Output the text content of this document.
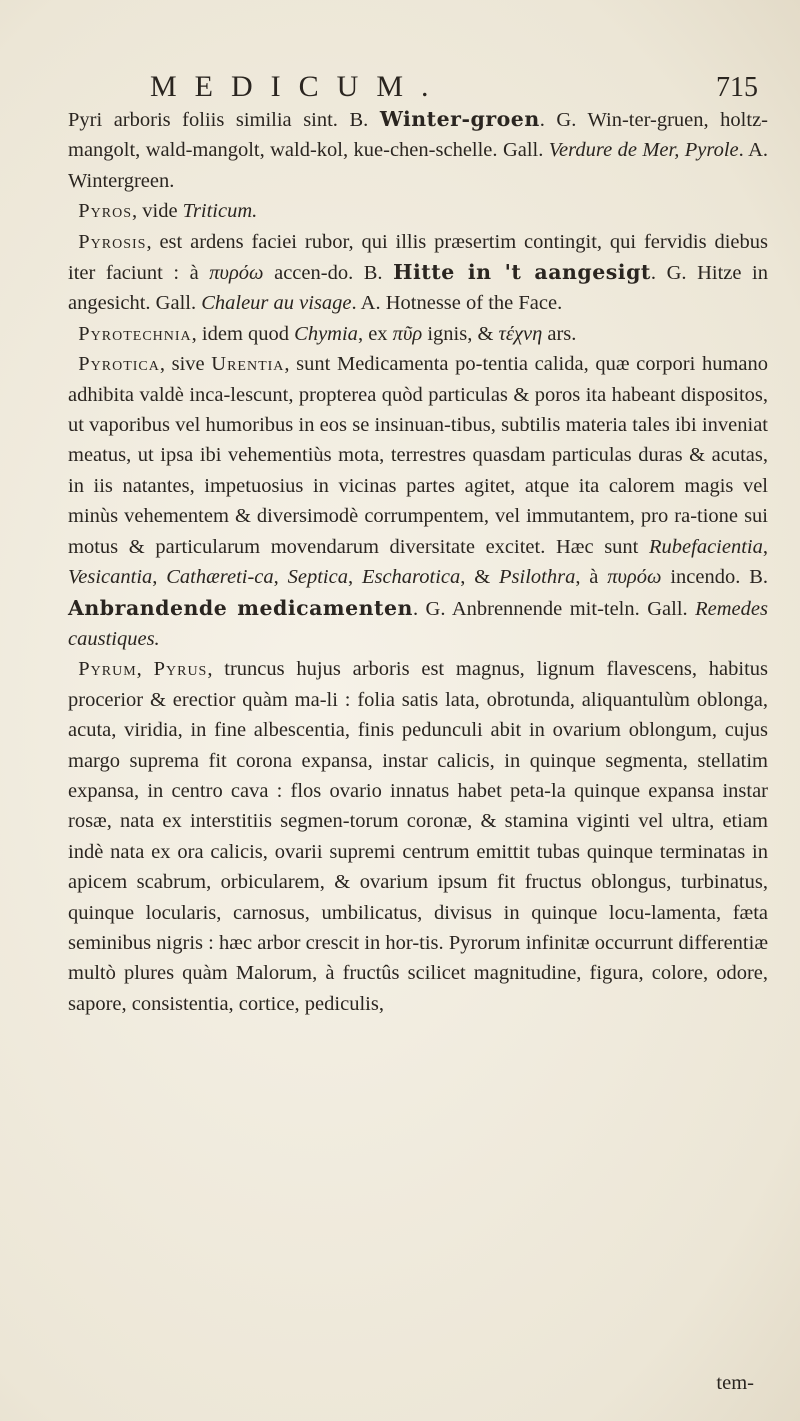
MEDICUM.	715

Pyri arboris foliis similia sint. B. Winter-groen. G. Win-ter-gruen, holtz-mangolt, wald-mangolt, wald-kol, kue-chen-schelle. Gall. Verdure de Mer, Pyrole. A. Wintergreen.

 Pyros, vide Triticum.

 Pyrosis, est ardens faciei rubor, qui illis præsertim contingit, qui fervidis diebus iter faciunt : à πυρόω accen-do. B. Hitte in 't aangesigt. G. Hitze in angesicht. Gall. Chaleur au visage. A. Hotnesse of the Face.

 Pyrotechnia, idem quod Chymia, ex πῦρ ignis, & τέχνη ars.

 Pyrotica, sive Urentia, sunt Medicamenta po-tentia calida, quæ corpori humano adhibita valdè inca-lescunt, propterea quòd particulas & poros ita habeant dispositos, ut vaporibus vel humoribus in eos se insinuan-tibus, subtilis materia tales ibi inveniat meatus, ut ipsa ibi vehementiùs mota, terrestres quasdam particulas duras & acutas, in iis natantes, impetuosius in vicinas partes agitet, atque ita calorem magis vel minùs vehementem & diversimodè corrumpentem, vel immutantem, pro ra-tione sui motus & particularum movendarum diversitate excitet. Hæc sunt Rubefacientia, Vesicantia, Cathæreti-ca, Septica, Escharotica, & Psilothra, à πυρόω incendo. B. Anbrandende medicamenten. G. Anbrennende mit-teln. Gall. Remedes caustiques.

 Pyrum, Pyrus, truncus hujus arboris est magnus, lignum flavescens, habitus procerior & erectior quàm ma-li : folia satis lata, obrotunda, aliquantulùm oblonga, acuta, viridia, in fine albescentia, finis pedunculi abit in ovarium oblongum, cujus margo suprema fit corona expansa, instar calicis, in quinque segmenta, stellatim expansa, in centro cava : flos ovario innatus habet peta-la quinque expansa instar rosæ, nata ex interstitiis segmen-torum coronæ, & stamina viginti vel ultra, etiam indè nata ex ora calicis, ovarii supremi centrum emittit tubas quinque terminatas in apicem scabrum, orbicularem, & ovarium ipsum fit fructus oblongus, turbinatus, quinque locularis, carnosus, umbilicatus, divisus in quinque locu-lamenta, fæta seminibus nigris : hæc arbor crescit in hor-tis. Pyrorum infinitæ occurrunt differentiæ multò plures quàm Malorum, à fructûs scilicet magnitudine, figura, colore, odore, sapore, consistentia, cortice, pediculis,

tem-
